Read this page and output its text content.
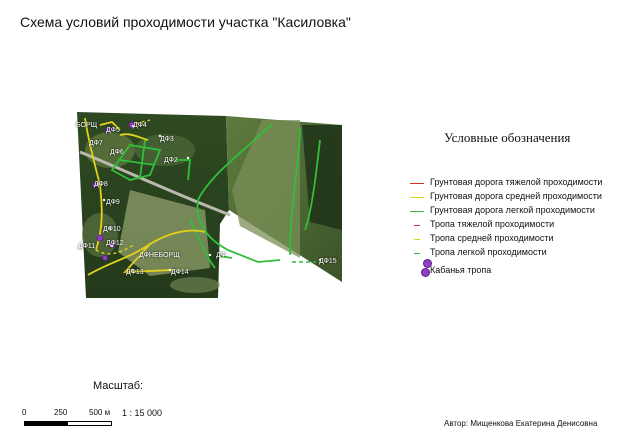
Схема условий проходимости участка "Касиловка"
ДФ4
ДФ5
ДФ3
ДФ7
ДФ2
ДФ6
ДФ8
ДФ9
ДФ10
ДФ11 ДФ12
ДФ13	ДФ14
ДФНЕБОРЩ
БОРЩ
ДФ15
ДФ
Условные обозначения
Грунтовая дорога тяжелой проходимости
Грунтовая дорога средней проходимости
Грунтовая дорога легкой проходимости
Тропа тяжелой проходимости
Тропа средней проходимости
Тропа легкой проходимости
Кабанья тропа
Масштаб:
0	250	500 м 1 : 15 000
Автор: Мищенкова Екатерина Денисовна
